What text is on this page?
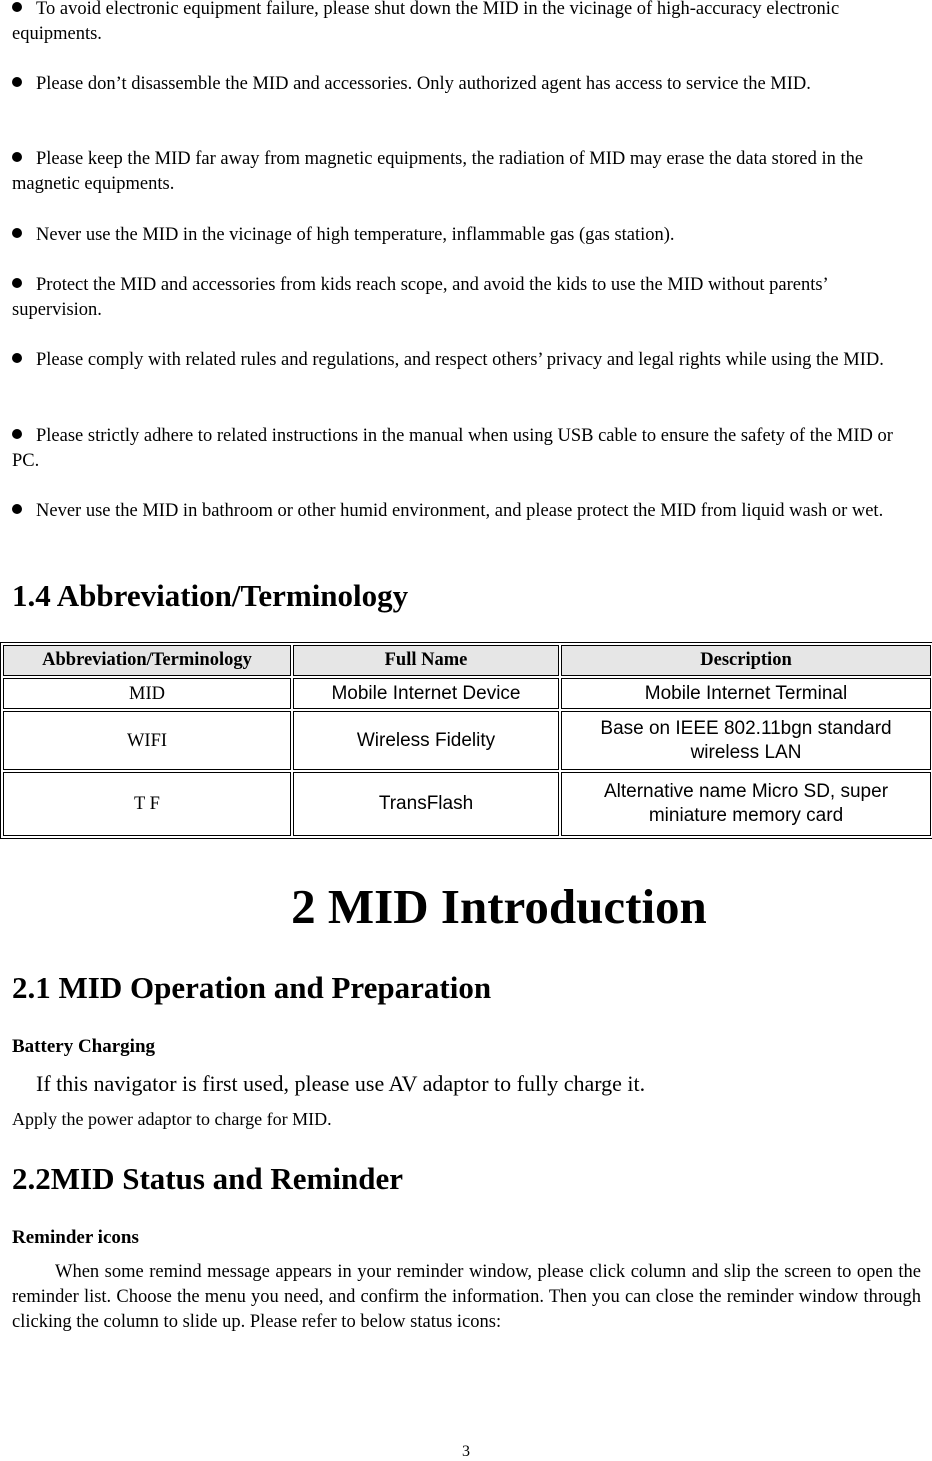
To avoid electronic equipment failure, please shut down the MID in the vicinage of high-accuracy electronic equipments.
Please don’t disassemble the MID and accessories. Only authorized agent has access to service the MID.
Please keep the MID far away from magnetic equipments, the radiation of MID may erase the data stored in the magnetic equipments.
Never use the MID in the vicinage of high temperature, inflammable gas (gas station).
Protect the MID and accessories from kids reach scope, and avoid the kids to use the MID without parents’ supervision.
Please comply with related rules and regulations, and respect others’ privacy and legal rights while using the MID.
Please strictly adhere to related instructions in the manual when using USB cable to ensure the safety of the MID or PC.
Never use the MID in bathroom or other humid environment, and please protect the MID from liquid wash or wet.
1.4 Abbreviation/Terminology
Abbreviation/Terminology	Full Name	Description
MID	Mobile Internet Device	Mobile Internet Terminal
WIFI	Wireless Fidelity	Base on IEEE 802.11bgn standard wireless LAN
T F	TransFlash	Alternative name Micro SD, super miniature memory card
2 MID Introduction
2.1 MID Operation and Preparation
Battery Charging
If this navigator is first used, please use AV adaptor to fully charge it.
Apply the power adaptor to charge for MID.
2.2MID Status and Reminder
Reminder icons
When some remind message appears in your reminder window, please click column and slip the screen to open the reminder list. Choose the menu you need, and confirm the information. Then you can close the reminder window through clicking the column to slide up. Please refer to below status icons:
3
